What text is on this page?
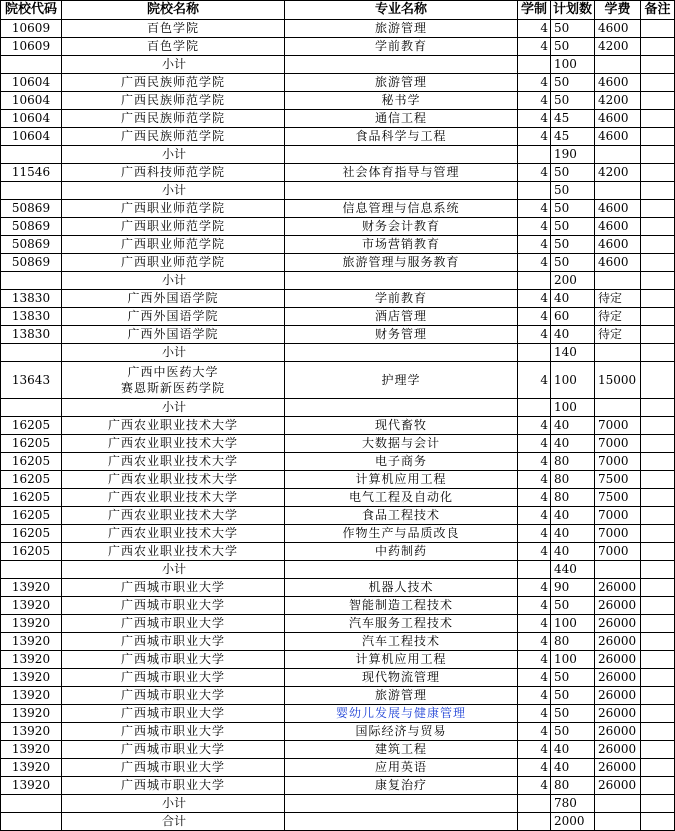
院校代码	院校名称	专业名称	学制	计划数	学费	备注
10609	百色学院	旅游管理	4	50	4600	
10609	百色学院	学前教育	4	50	4200	
	小计			100		
10604	广西民族师范学院	旅游管理	4	50	4600	
10604	广西民族师范学院	秘书学	4	50	4200	
10604	广西民族师范学院	通信工程	4	45	4600	
10604	广西民族师范学院	食品科学与工程	4	45	4600	
	小计			190		
11546	广西科技师范学院	社会体育指导与管理	4	50	4200	
	小计			50		
50869	广西职业师范学院	信息管理与信息系统	4	50	4600	
50869	广西职业师范学院	财务会计教育	4	50	4600	
50869	广西职业师范学院	市场营销教育	4	50	4600	
50869	广西职业师范学院	旅游管理与服务教育	4	50	4600	
	小计			200		
13830	广西外国语学院	学前教育	4	40	待定	
13830	广西外国语学院	酒店管理	4	60	待定	
13830	广西外国语学院	财务管理	4	40	待定	
	小计			140		
13643	广西中医药大学
赛恩斯新医药学院	护理学	4	100	15000	
	小计			100		
16205	广西农业职业技术大学	现代畜牧	4	40	7000	
16205	广西农业职业技术大学	大数据与会计	4	40	7000	
16205	广西农业职业技术大学	电子商务	4	80	7000	
16205	广西农业职业技术大学	计算机应用工程	4	80	7500	
16205	广西农业职业技术大学	电气工程及自动化	4	80	7500	
16205	广西农业职业技术大学	食品工程技术	4	40	7000	
16205	广西农业职业技术大学	作物生产与品质改良	4	40	7000	
16205	广西农业职业技术大学	中药制药	4	40	7000	
	小计			440		
13920	广西城市职业大学	机器人技术	4	90	26000	
13920	广西城市职业大学	智能制造工程技术	4	50	26000	
13920	广西城市职业大学	汽车服务工程技术	4	100	26000	
13920	广西城市职业大学	汽车工程技术	4	80	26000	
13920	广西城市职业大学	计算机应用工程	4	100	26000	
13920	广西城市职业大学	现代物流管理	4	50	26000	
13920	广西城市职业大学	旅游管理	4	50	26000	
13920	广西城市职业大学	婴幼儿发展与健康管理	4	50	26000	
13920	广西城市职业大学	国际经济与贸易	4	50	26000	
13920	广西城市职业大学	建筑工程	4	40	26000	
13920	广西城市职业大学	应用英语	4	40	26000	
13920	广西城市职业大学	康复治疗	4	80	26000	
	小计			780		
	合计			2000		
